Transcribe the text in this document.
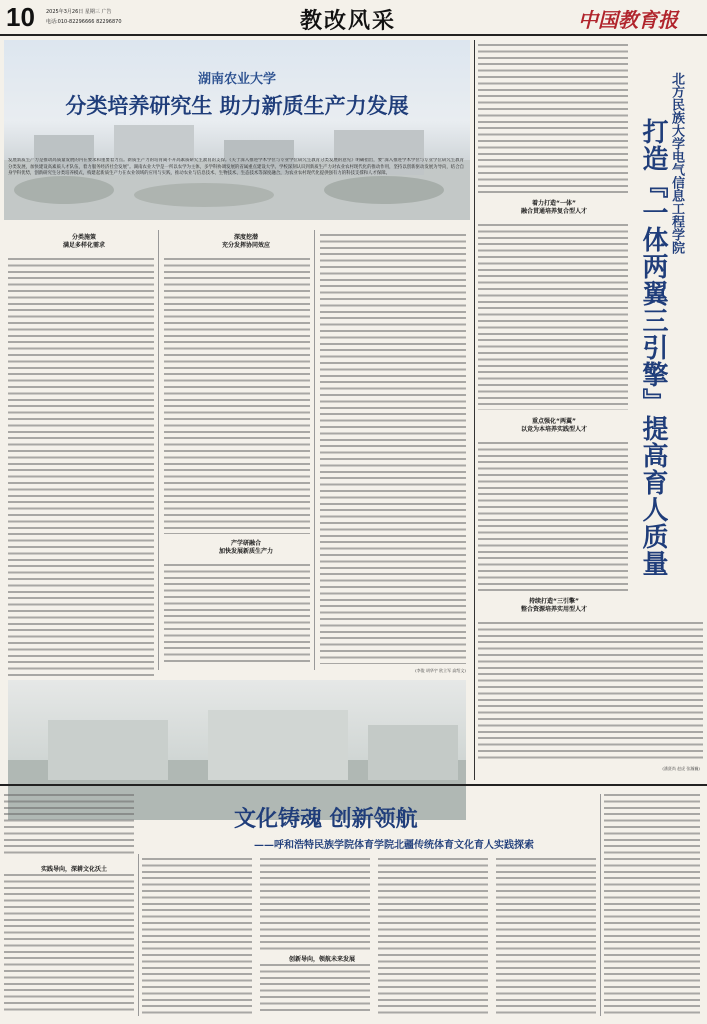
10 2025年3月26日 星期三 广告
电话:010-82296666 82296870	教改风采	中国教育报
湖南农业大学
分类培养研究生 助力新质生产力发展
发展新质生产力是推动高质量发展的内在要求和重要着力点。新质生产力的培育离不开高素质研究生教育的支撑。《关于深入推进学术学位与专业学位研究生教育分类发展的意见》明确指出，要“深入推进学术学位与专业学位研究生教育分类发展，加快建设高素质人才队伍，着力服务经济社会发展”。湖南农业大学是一所以农学为主体，多学科协调发展的省属重点建设大学。学校深刻认识到新质生产力对农业农村现代化的推动作用，坚持以创新驱动发展为导向，结合自身学科优势，创新研究生分类培养模式，构建起新质生产力在农业领域的应用与实践，推动农业与信息技术、生物技术、生态技术等深度融合，为农业农村现代化提供强有力的科技支撑和人才保障。
分类施策
满足多样化需求
深度挖潜
充分发挥协同效应
产学研融合
加快发展新质生产力
(李俊 胡华宇 欧立军 高绍文)
北方民族大学电气信息工程学院
打造『一体两翼三引擎』提高育人质量
着力打造“一体”
融合贯通培养复合型人才
重点强化“两翼”
以竞为本培养实践型人才
持续打造“三引擎”
整合资源培养实用型人才
(潘贤尚 赵虎 张瀚巍)
文化铸魂 创新领航
——呼和浩特民族学院体育学院北疆传统体育文化育人实践探索
实践导向，深耕文化沃土
创新导向，领航未来发展
